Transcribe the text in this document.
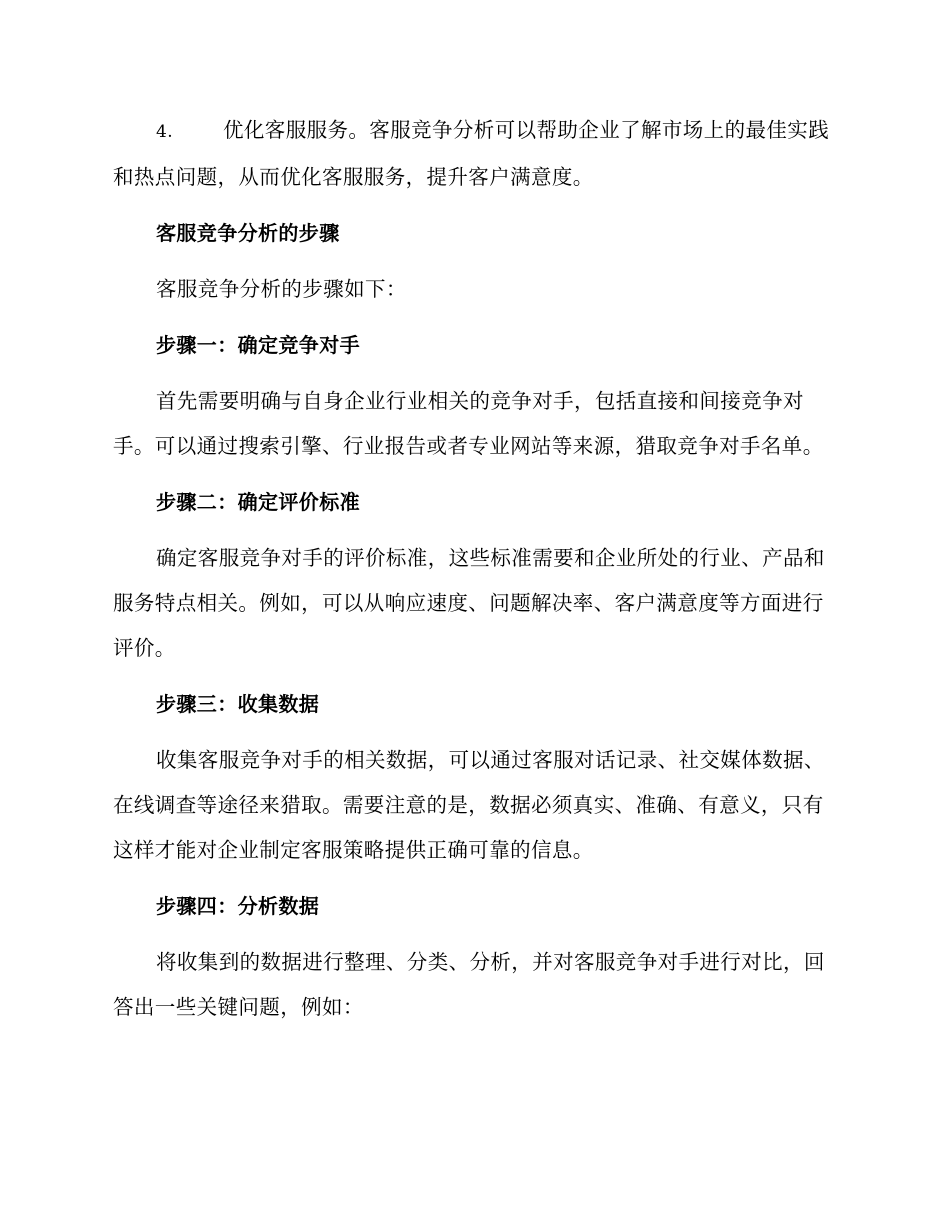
4. 优化客服服务。客服竞争分析可以帮助企业了解市场上的最佳实践和热点问题，从而优化客服服务，提升客户满意度。

客服竞争分析的步骤

客服竞争分析的步骤如下：

步骤一：确定竞争对手

首先需要明确与自身企业行业相关的竞争对手，包括直接和间接竞争对手。可以通过搜索引擎、行业报告或者专业网站等来源，猎取竞争对手名单。

步骤二：确定评价标准

确定客服竞争对手的评价标准，这些标准需要和企业所处的行业、产品和服务特点相关。例如，可以从响应速度、问题解决率、客户满意度等方面进行评价。

步骤三：收集数据

收集客服竞争对手的相关数据，可以通过客服对话记录、社交媒体数据、在线调查等途径来猎取。需要注意的是，数据必须真实、准确、有意义，只有这样才能对企业制定客服策略提供正确可靠的信息。

步骤四：分析数据

将收集到的数据进行整理、分类、分析，并对客服竞争对手进行对比，回答出一些关键问题，例如：
